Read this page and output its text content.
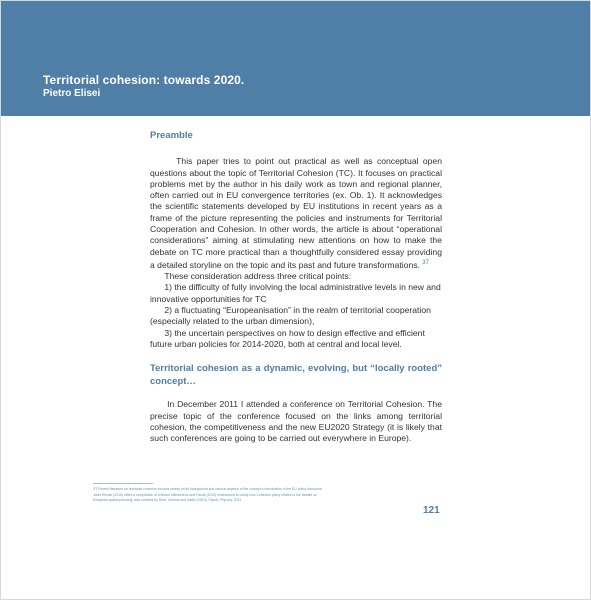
Territorial cohesion: towards 2020.
Pietro Elisei
Preamble

This paper tries to point out practical as well as conceptual open questions about the topic of Territorial Cohesion (TC). It focuses on practical problems met by the author in his daily work as town and regional planner, often carried out in EU convergence territories (ex. Ob. 1). It acknowledges the scientific statements developed by EU institutions in recent years as a frame of the picture representing the policies and instruments for Territorial Cooperation and Cohesion. In other words, the article is about “operational considerations” aiming at stimulating new attentions on how to make the debate on TC more practical than a thoughtfully considered essay providing a detailed storyline on the topic and its past and future transformations. $^{37}$

These consideration address three critical points:

1) the difficulty of fully involving the local administrative levels in new and innovative opportunities for TC

2) a fluctuating “Europeanisation” in the realm of territorial cooperation (especially related to the urban dimension),

3) the uncertain perspectives on how to design effective and efficient future urban policies for 2014-2020, both at central and local level.

Territorial cohesion as a dynamic, evolving, but “locally rooted” concept…

In December 2011 I attended a conference on Territorial Cohesion. The precise topic of the conference focused on the links among territorial cohesion, the competitiveness and the new EU2020 Strategy (it is likely that such conferences are going to be carried out everywhere in Europe).

37 Recent literature on territorial cohesion focuses mainly on its background and various aspects of the concept's introduction in the EU policy discourse. Janin Rivolin (2010) offers a compilation of relevant official texts and Faludi (2010) endeavours to clarify how Cohesion policy relates to the debate on European spatial planning; also covered by Dühr, Colomb and Nadin (2010), Faludi, Peyrony, 2011.
121
